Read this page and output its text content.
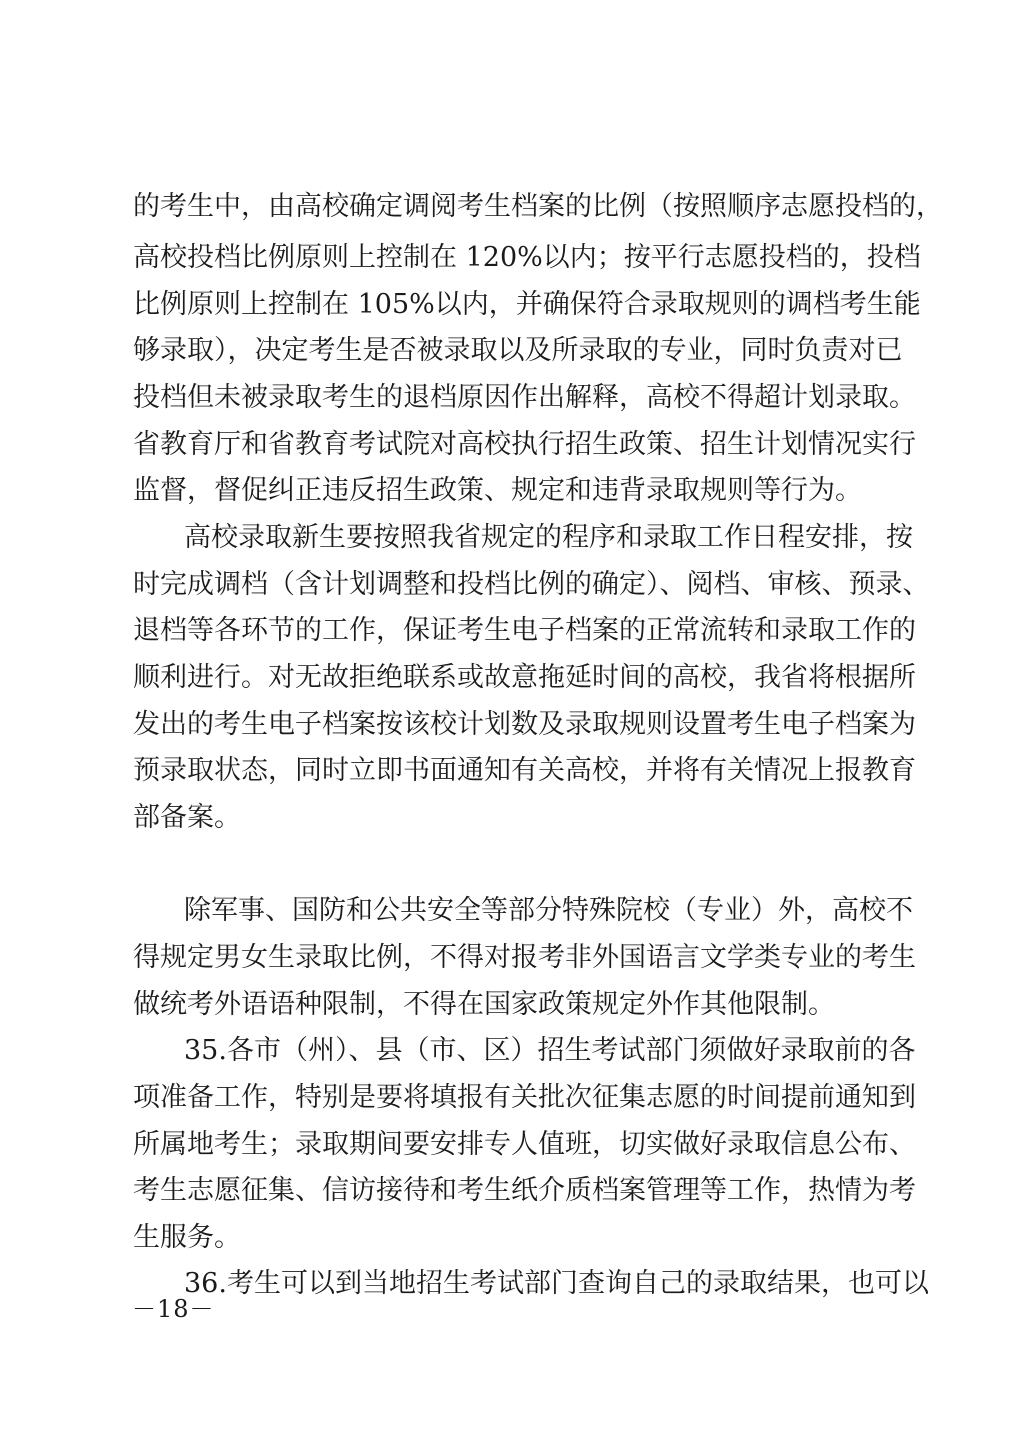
的考生中，由高校确定调阅考生档案的比例（按照顺序志愿投档的，
高校投档比例原则上控制在 120%以内；按平行志愿投档的，投档
比例原则上控制在 105%以内，并确保符合录取规则的调档考生能
够录取），决定考生是否被录取以及所录取的专业，同时负责对已
投档但未被录取考生的退档原因作出解释，高校不得超计划录取。
省教育厅和省教育考试院对高校执行招生政策、招生计划情况实行
监督，督促纠正违反招生政策、规定和违背录取规则等行为。
高校录取新生要按照我省规定的程序和录取工作日程安排，按
时完成调档（含计划调整和投档比例的确定）、阅档、审核、预录、
退档等各环节的工作，保证考生电子档案的正常流转和录取工作的
顺利进行。对无故拒绝联系或故意拖延时间的高校，我省将根据所
发出的考生电子档案按该校计划数及录取规则设置考生电子档案为
预录取状态，同时立即书面通知有关高校，并将有关情况上报教育
部备案。
除军事、国防和公共安全等部分特殊院校（专业）外，高校不
得规定男女生录取比例，不得对报考非外国语言文学类专业的考生
做统考外语语种限制，不得在国家政策规定外作其他限制。
35.各市（州）、县（市、区）招生考试部门须做好录取前的各
项准备工作，特别是要将填报有关批次征集志愿的时间提前通知到
所属地考生；录取期间要安排专人值班，切实做好录取信息公布、
考生志愿征集、信访接待和考生纸介质档案管理等工作，热情为考
生服务。
36.考生可以到当地招生考试部门查询自己的录取结果，也可以
－18－
